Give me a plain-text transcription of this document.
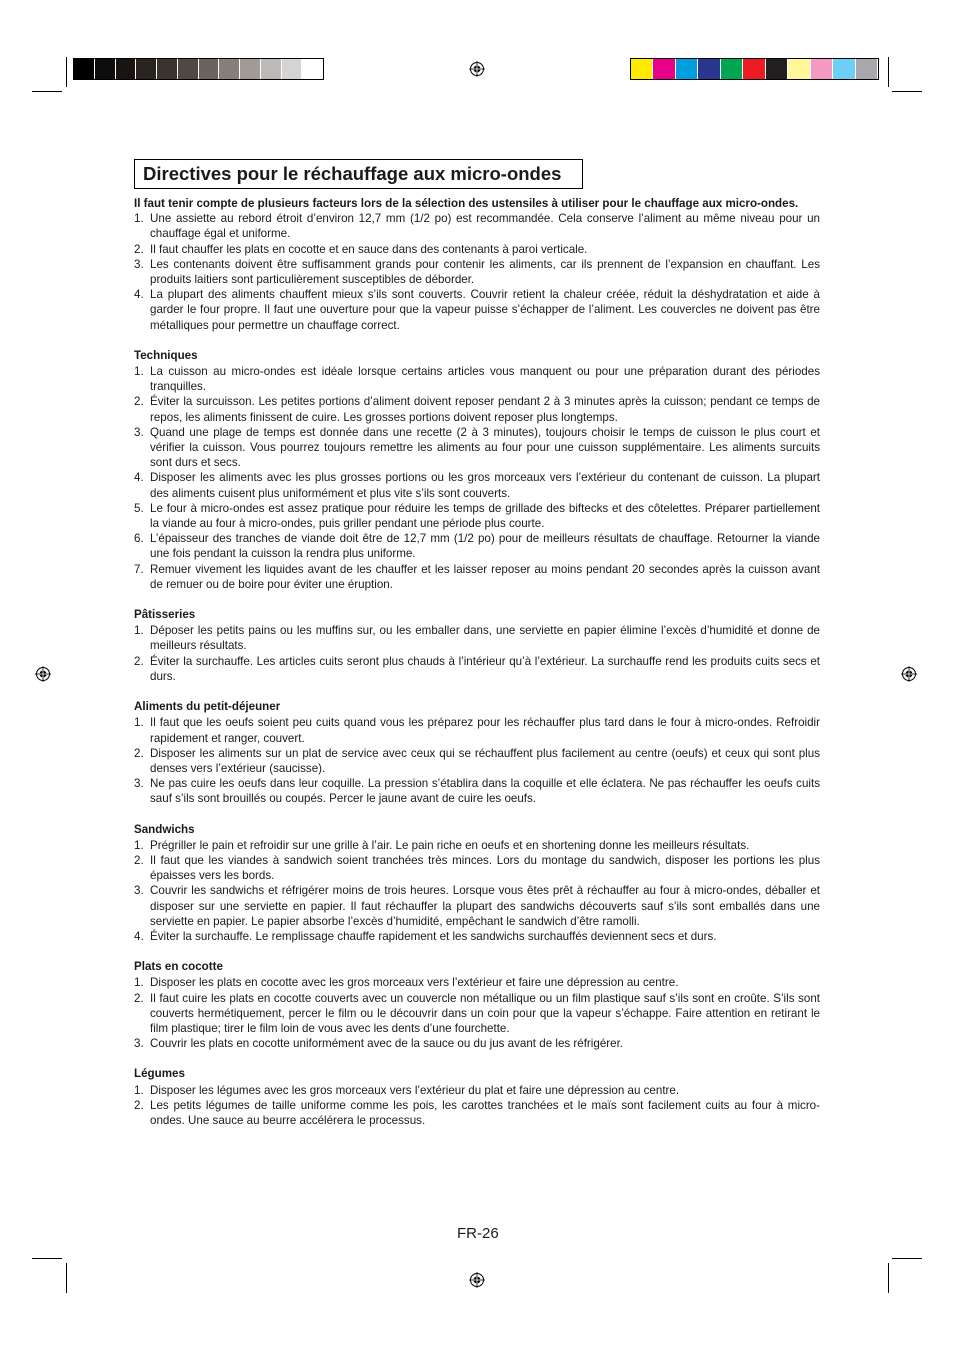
Directives pour le réchauffage aux micro-ondes

Il faut tenir compte de plusieurs facteurs lors de la sélection des ustensiles à utiliser pour le chauffage aux micro-ondes.

1. Une assiette au rebord étroit d’environ 12,7 mm (1/2 po) est recommandée. Cela conserve l’aliment au même niveau pour un chauffage égal et uniforme.
2. Il faut chauffer les plats en cocotte et en sauce dans des contenants à paroi verticale.
3. Les contenants doivent être suffisamment grands pour contenir les aliments, car ils prennent de l’expansion en chauffant. Les produits laitiers sont particulièrement susceptibles de déborder.
4. La plupart des aliments chauffent mieux s’ils sont couverts. Couvrir retient la chaleur créée, réduit la déshydratation et aide à garder le four propre. Il faut une ouverture pour que la vapeur puisse s’échapper de l’aliment. Les couvercles ne doivent pas être métalliques pour permettre un chauffage correct.
Techniques
1. La cuisson au micro-ondes est idéale lorsque certains articles vous manquent ou pour une préparation durant des périodes tranquilles.
2. Éviter la surcuisson. Les petites portions d’aliment doivent reposer pendant 2 à 3 minutes après la cuisson; pendant ce temps de repos, les aliments finissent de cuire. Les grosses portions doivent reposer plus longtemps.
3. Quand une plage de temps est donnée dans une recette (2 à 3 minutes), toujours choisir le temps de cuisson le plus court et vérifier la cuisson. Vous pourrez toujours remettre les aliments au four pour une cuisson supplémentaire. Les aliments surcuits sont durs et secs.
4. Disposer les aliments avec les plus grosses portions ou les gros morceaux vers l’extérieur du contenant de cuisson. La plupart des aliments cuisent plus uniformément et plus vite s’ils sont couverts.
5. Le four à micro-ondes est assez pratique pour réduire les temps de grillade des biftecks et des côtelettes. Préparer partiellement la viande au four à micro-ondes, puis griller pendant une période plus courte.
6. L’épaisseur des tranches de viande doit être de 12,7 mm (1/2 po) pour de meilleurs résultats de chauffage. Retourner la viande une fois pendant la cuisson la rendra plus uniforme.
7. Remuer vivement les liquides avant de les chauffer et les laisser reposer au moins pendant 20 secondes après la cuisson avant de remuer ou de boire pour éviter une éruption.
Pâtisseries
1. Déposer les petits pains ou les muffins sur, ou les emballer dans, une serviette en papier élimine l’excès d’humidité et donne de meilleurs résultats.
2. Éviter la surchauffe. Les articles cuits seront plus chauds à l’intérieur qu’à l’extérieur. La surchauffe rend les produits cuits secs et durs.
Aliments du petit-déjeuner
1. Il faut que les oeufs soient peu cuits quand vous les préparez pour les réchauffer plus tard dans le four à micro-ondes. Refroidir rapidement et ranger, couvert.
2. Disposer les aliments sur un plat de service avec ceux qui se réchauffent plus facilement au centre (oeufs) et ceux qui sont plus denses vers l’extérieur (saucisse).
3. Ne pas cuire les oeufs dans leur coquille. La pression s’établira dans la coquille et elle éclatera. Ne pas réchauffer les oeufs cuits sauf s’ils sont brouillés ou coupés. Percer le jaune avant de cuire les oeufs.
Sandwichs
1. Prégriller le pain et refroidir sur une grille à l’air. Le pain riche en oeufs et en shortening donne les meilleurs résultats.
2. Il faut que les viandes à sandwich soient tranchées très minces. Lors du montage du sandwich, disposer les portions les plus épaisses vers les bords.
3. Couvrir les sandwichs et réfrigérer moins de trois heures. Lorsque vous êtes prêt à réchauffer au four à micro-ondes, déballer et disposer sur une serviette en papier. Il faut réchauffer la plupart des sandwichs découverts sauf s’ils sont emballés dans une serviette en papier. Le papier absorbe l’excès d’humidité, empêchant le sandwich d’être ramolli.
4. Éviter la surchauffe. Le remplissage chauffe rapidement et les sandwichs surchauffés deviennent secs et durs.
Plats en cocotte
1. Disposer les plats en cocotte avec les gros morceaux vers l’extérieur et faire une dépression au centre.
2. Il faut cuire les plats en cocotte couverts avec un couvercle non métallique ou un film plastique sauf s’ils sont en croûte. S’ils sont couverts hermétiquement, percer le film ou le découvrir dans un coin pour que la vapeur s’échappe. Faire attention en retirant le film plastique; tirer le film loin de vous avec les dents d’une fourchette.
3. Couvrir les plats en cocotte uniformément avec de la sauce ou du jus avant de les réfrigérer.
Légumes
1. Disposer les légumes avec les gros morceaux vers l’extérieur du plat et faire une dépression au centre.
2. Les petits légumes de taille uniforme comme les pois, les carottes tranchées et le maïs sont facilement cuits au four à micro-ondes. Une sauce au beurre accélérera le processus.
FR-26
